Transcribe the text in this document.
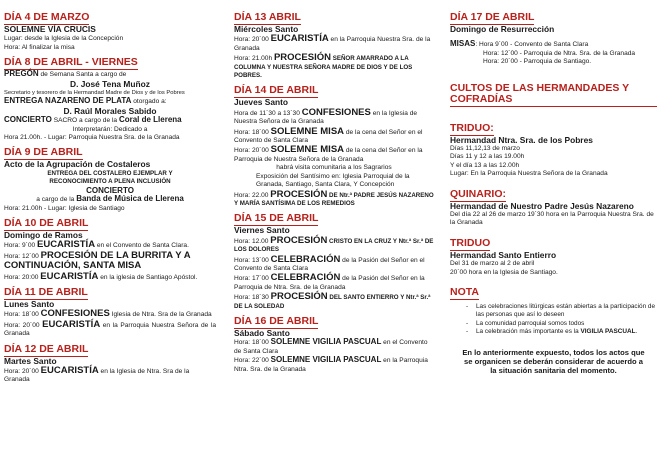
DÍA 4 DE MARZO
SOLEMNE VÍA CRUCIS
Lugar: desde la Iglesia de la Concepción
Hora: Al finalizar la misa
DÍA 8 DE ABRIL - VIERNES
PREGÓN de Semana Santa a cargo de
D. José Tena Muñoz
Secretario y tesorero de la Hermandad Madre de Dios y de los Pobres
ENTREGA NAZARENO DE PLATA otorgado a:
D. Raúl Morales Sabido
CONCIERTO SACRO a cargo de la Coral de Llerena
Interpretarán: Dedicado a
Hora 21.00h. - Lugar: Parroquia Nuestra Sra. de la Granada
DÍA 9 DE ABRIL
Acto de la Agrupación de Costaleros
ENTREGA DEL COSTALERO EJEMPLAR Y
RECONOCIMIENTO A PLENA INCLUSIÓN
CONCIERTO
a cargo de la Banda de Música de Llerena
Hora: 21.00h - Lugar: Iglesia de Santiago
DÍA 10 DE ABRIL
Domingo de Ramos
Hora: 9´00 EUCARISTÍA en el Convento de Santa Clara.
Hora: 12´00 PROCESIÓN DE LA BURRITA Y A CONTINUACIÓN, SANTA MISA
Hora: 20:00 EUCARISTÍA en la iglesia de Santiago Apóstol.
DÍA 11 DE ABRIL
Lunes Santo
Hora: 18´00 CONFESIONES Iglesia de Ntra. Sra de la Granada
Hora: 20´00 EUCARISTÍA en la Parroquia Nuestra Señora de la Granada
DÍA 12 DE ABRIL
Martes Santo
Hora: 20´00 EUCARISTÍA en la Iglesia de Ntra. Sra de la Granada
DÍA 13 ABRIL
Miércoles Santo
Hora: 20´00 EUCARISTÍA en la Parroquia Nuestra Sra. de la Granada
Hora: 21.00h PROCESIÓN SEÑOR AMARRADO A LA COLUMNA Y NUESTRA SEÑORA MADRE DE DIOS Y DE LOS POBRES.
DÍA 14 DE ABRIL
Jueves Santo
Hora de 11´30 a 13´30 CONFESIONES en la Iglesia de Nuestra Señora de la Granada
Hora: 18´00 SOLEMNE MISA de la cena del Señor en el Convento de Santa Clara
Hora: 20´00 SOLEMNE MISA de la cena del Señor en la Parroquia de Nuestra Señora de la Granada
habrá visita comunitaria a los Sagrarios
Exposición del Santísimo en: Iglesia Parroquial de la Granada, Santiago, Santa Clara, Y Concepción
Hora: 22.00 PROCESIÓN DE Ntr.ª PADRE JESÚS NAZARENO Y MARÍA SANTÍSIMA DE LOS REMEDIOS
DÍA 15 DE ABRIL
Viernes Santo
Hora: 12.00 PROCESIÓN CRISTO EN LA CRUZ Y Ntr.ª Sr.ª DE LOS DOLORES
Hora: 13´00 CELEBRACIÓN de la Pasión del Señor en el Convento de Santa Clara
Hora: 17´00 CELEBRACIÓN de la Pasión del Señor en la Parroquia de Ntra. Sra. de la Granada
Hora: 18´30 PROCESIÓN DEL SANTO ENTIERRO Y Ntr.ª Sr.ª DE LA SOLEDAD
DÍA 16 DE ABRIL
Sábado Santo
Hora: 18´00 SOLEMNE VIGILIA PASCUAL en el Convento de Santa Clara
Hora: 22´00 SOLEMNE VIGILIA PASCUAL en la Parroquia Ntra. Sra. de la Granada
DÍA 17 DE ABRIL
Domingo de Resurrección
MISAS: Hora 9´00 - Convento de Santa Clara
Hora: 12´00 - Parroquia de Ntra. Sra. de la Granada
Hora: 20´00 - Parroquia de Santiago.
CULTOS DE LAS HERMANDADES Y COFRADÍAS
TRIDUO:
Hermandad Ntra. Sra. de los Pobres
Días 11,12,13 de marzo
Días 11 y 12 a las 19.00h
Y el día 13 a las 12.00h
Lugar: En la Parroquia Nuestra Señora de la Granada
QUINARIO:
Hermandad de Nuestro Padre Jesús Nazareno
Del día 22 al 26 de marzo 19´30 hora en la Parroquia Nuestra Sra. de la Granada
TRIDUO
Hermandad Santo Entierro
Del 31 de marzo al 2 de abril
20´00 hora en la Iglesia de Santiago.
NOTA
- Las celebraciones litúrgicas están abiertas a la participación de las personas que así lo deseen
- La comunidad parroquial somos todos
- La celebración más importante es la VIGILIA PASCUAL.
En lo anteriormente expuesto, todos los actos que se organicen se deberán considerar de acuerdo a la situación sanitaria del momento.
